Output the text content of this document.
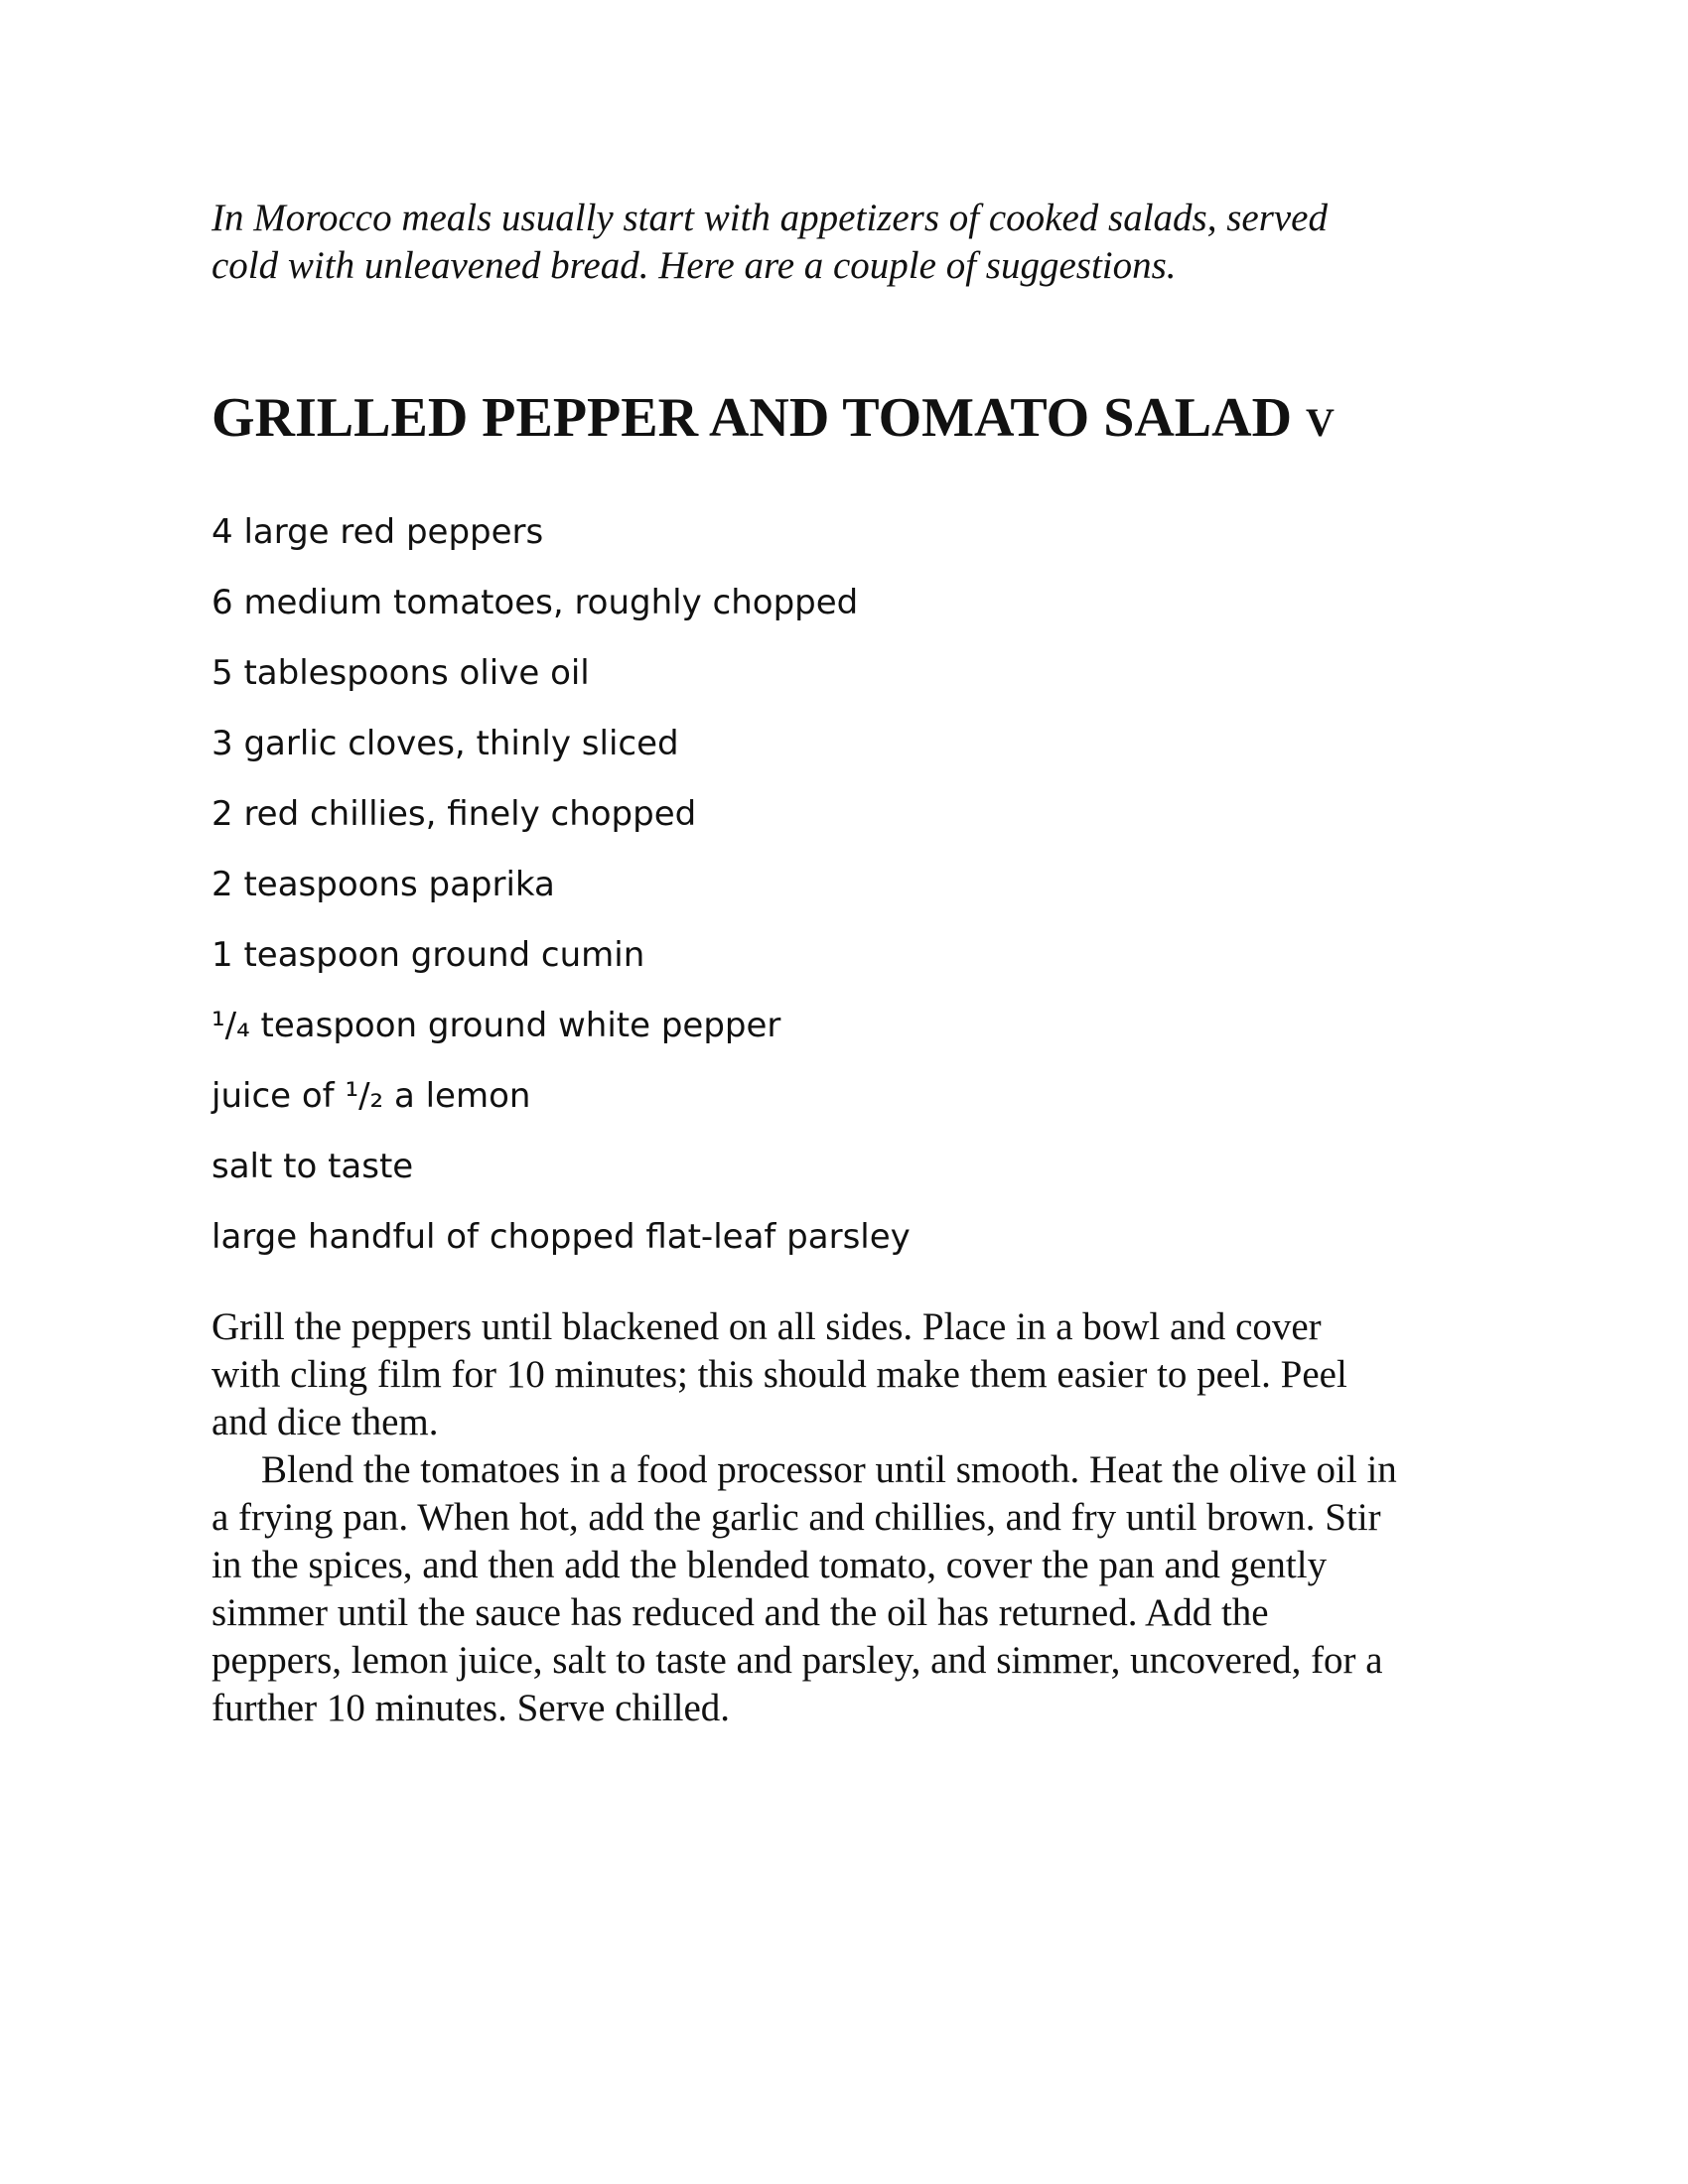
In Morocco meals usually start with appetizers of cooked salads, served
cold with unleavened bread. Here are a couple of suggestions.

GRILLED PEPPER AND TOMATO SALAD V
4 large red peppers
6 medium tomatoes, roughly chopped
5 tablespoons olive oil
3 garlic cloves, thinly sliced
2 red chillies, finely chopped
2 teaspoons paprika
1 teaspoon ground cumin
¹/₄ teaspoon ground white pepper
juice of ¹/₂ a lemon
salt to taste
large handful of chopped flat-leaf parsley

Grill the peppers until blackened on all sides. Place in a bowl and cover
with cling film for 10 minutes; this should make them easier to peel. Peel
and dice them.

Blend the tomatoes in a food processor until smooth. Heat the olive oil in
a frying pan. When hot, add the garlic and chillies, and fry until brown. Stir
in the spices, and then add the blended tomato, cover the pan and gently
simmer until the sauce has reduced and the oil has returned. Add the
peppers, lemon juice, salt to taste and parsley, and simmer, uncovered, for a
further 10 minutes. Serve chilled.
